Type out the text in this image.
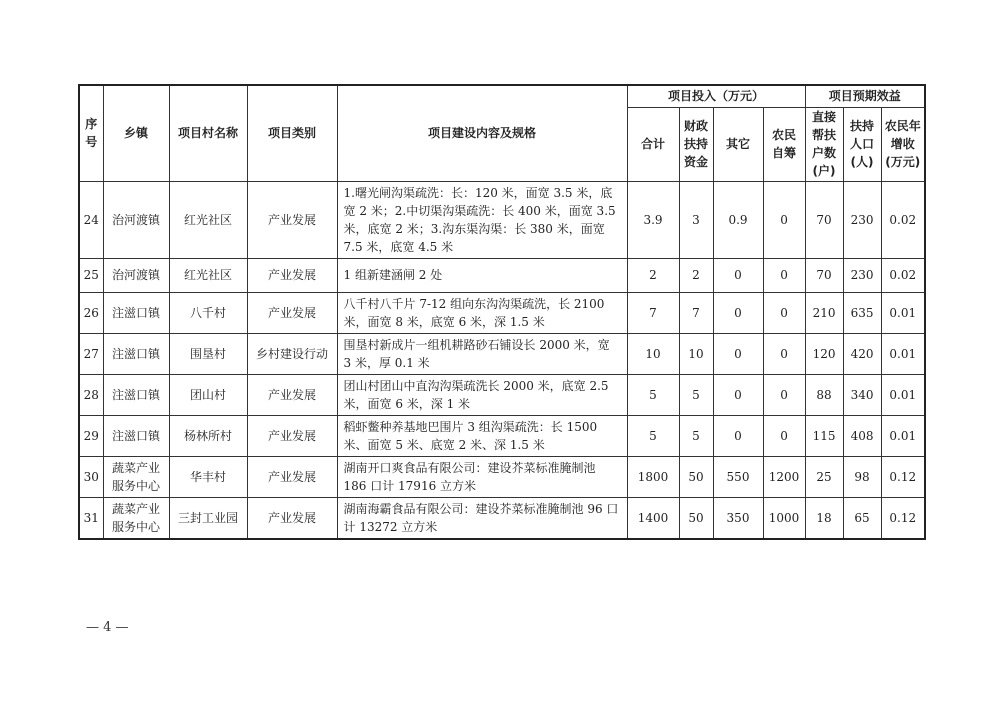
序号	乡镇	项目村名称	项目类别	项目建设内容及规格	项目投入（万元）				项目预期效益		
					合计	财政扶持资金	其它	农民自筹	直接帮扶户数(户)	扶持人口(人)	农民年增收(万元)
24	治河渡镇	红光社区	产业发展	1.曙光闸沟渠疏洗：长：120 米，面宽 3.5 米，底宽 2 米；2.中切渠沟渠疏洗：长 400 米，面宽 3.5 米，底宽 2 米；3.沟东渠沟渠：长 380 米，面宽 7.5 米，底宽 4.5 米	3.9	3	0.9	0	70	230	0.02
25	治河渡镇	红光社区	产业发展	1 组新建涵闸 2 处	2	2	0	0	70	230	0.02
26	注滋口镇	八千村	产业发展	八千村八千片 7-12 组向东沟沟渠疏洗，长 2100 米，面宽 8 米，底宽 6 米，深 1.5 米	7	7	0	0	210	635	0.01
27	注滋口镇	围垦村	乡村建设行动	围垦村新成片一组机耕路砂石铺设长 2000 米，宽 3 米，厚 0.1 米	10	10	0	0	120	420	0.01
28	注滋口镇	团山村	产业发展	团山村团山中直沟沟渠疏洗长 2000 米，底宽 2.5 米，面宽 6 米，深 1 米	5	5	0	0	88	340	0.01
29	注滋口镇	杨林所村	产业发展	稻虾鳖种养基地巴围片 3 组沟渠疏洗：长 1500 米、面宽 5 米、底宽 2 米、深 1.5 米	5	5	0	0	115	408	0.01
30	蔬菜产业服务中心	华丰村	产业发展	湖南开口爽食品有限公司：建设芥菜标准腌制池 186 口计 17916 立方米	1800	50	550	1200	25	98	0.12
31	蔬菜产业服务中心	三封工业园	产业发展	湖南海霸食品有限公司：建设芥菜标准腌制池 96 口计 13272 立方米	1400	50	350	1000	18	65	0.12
— 4 —
